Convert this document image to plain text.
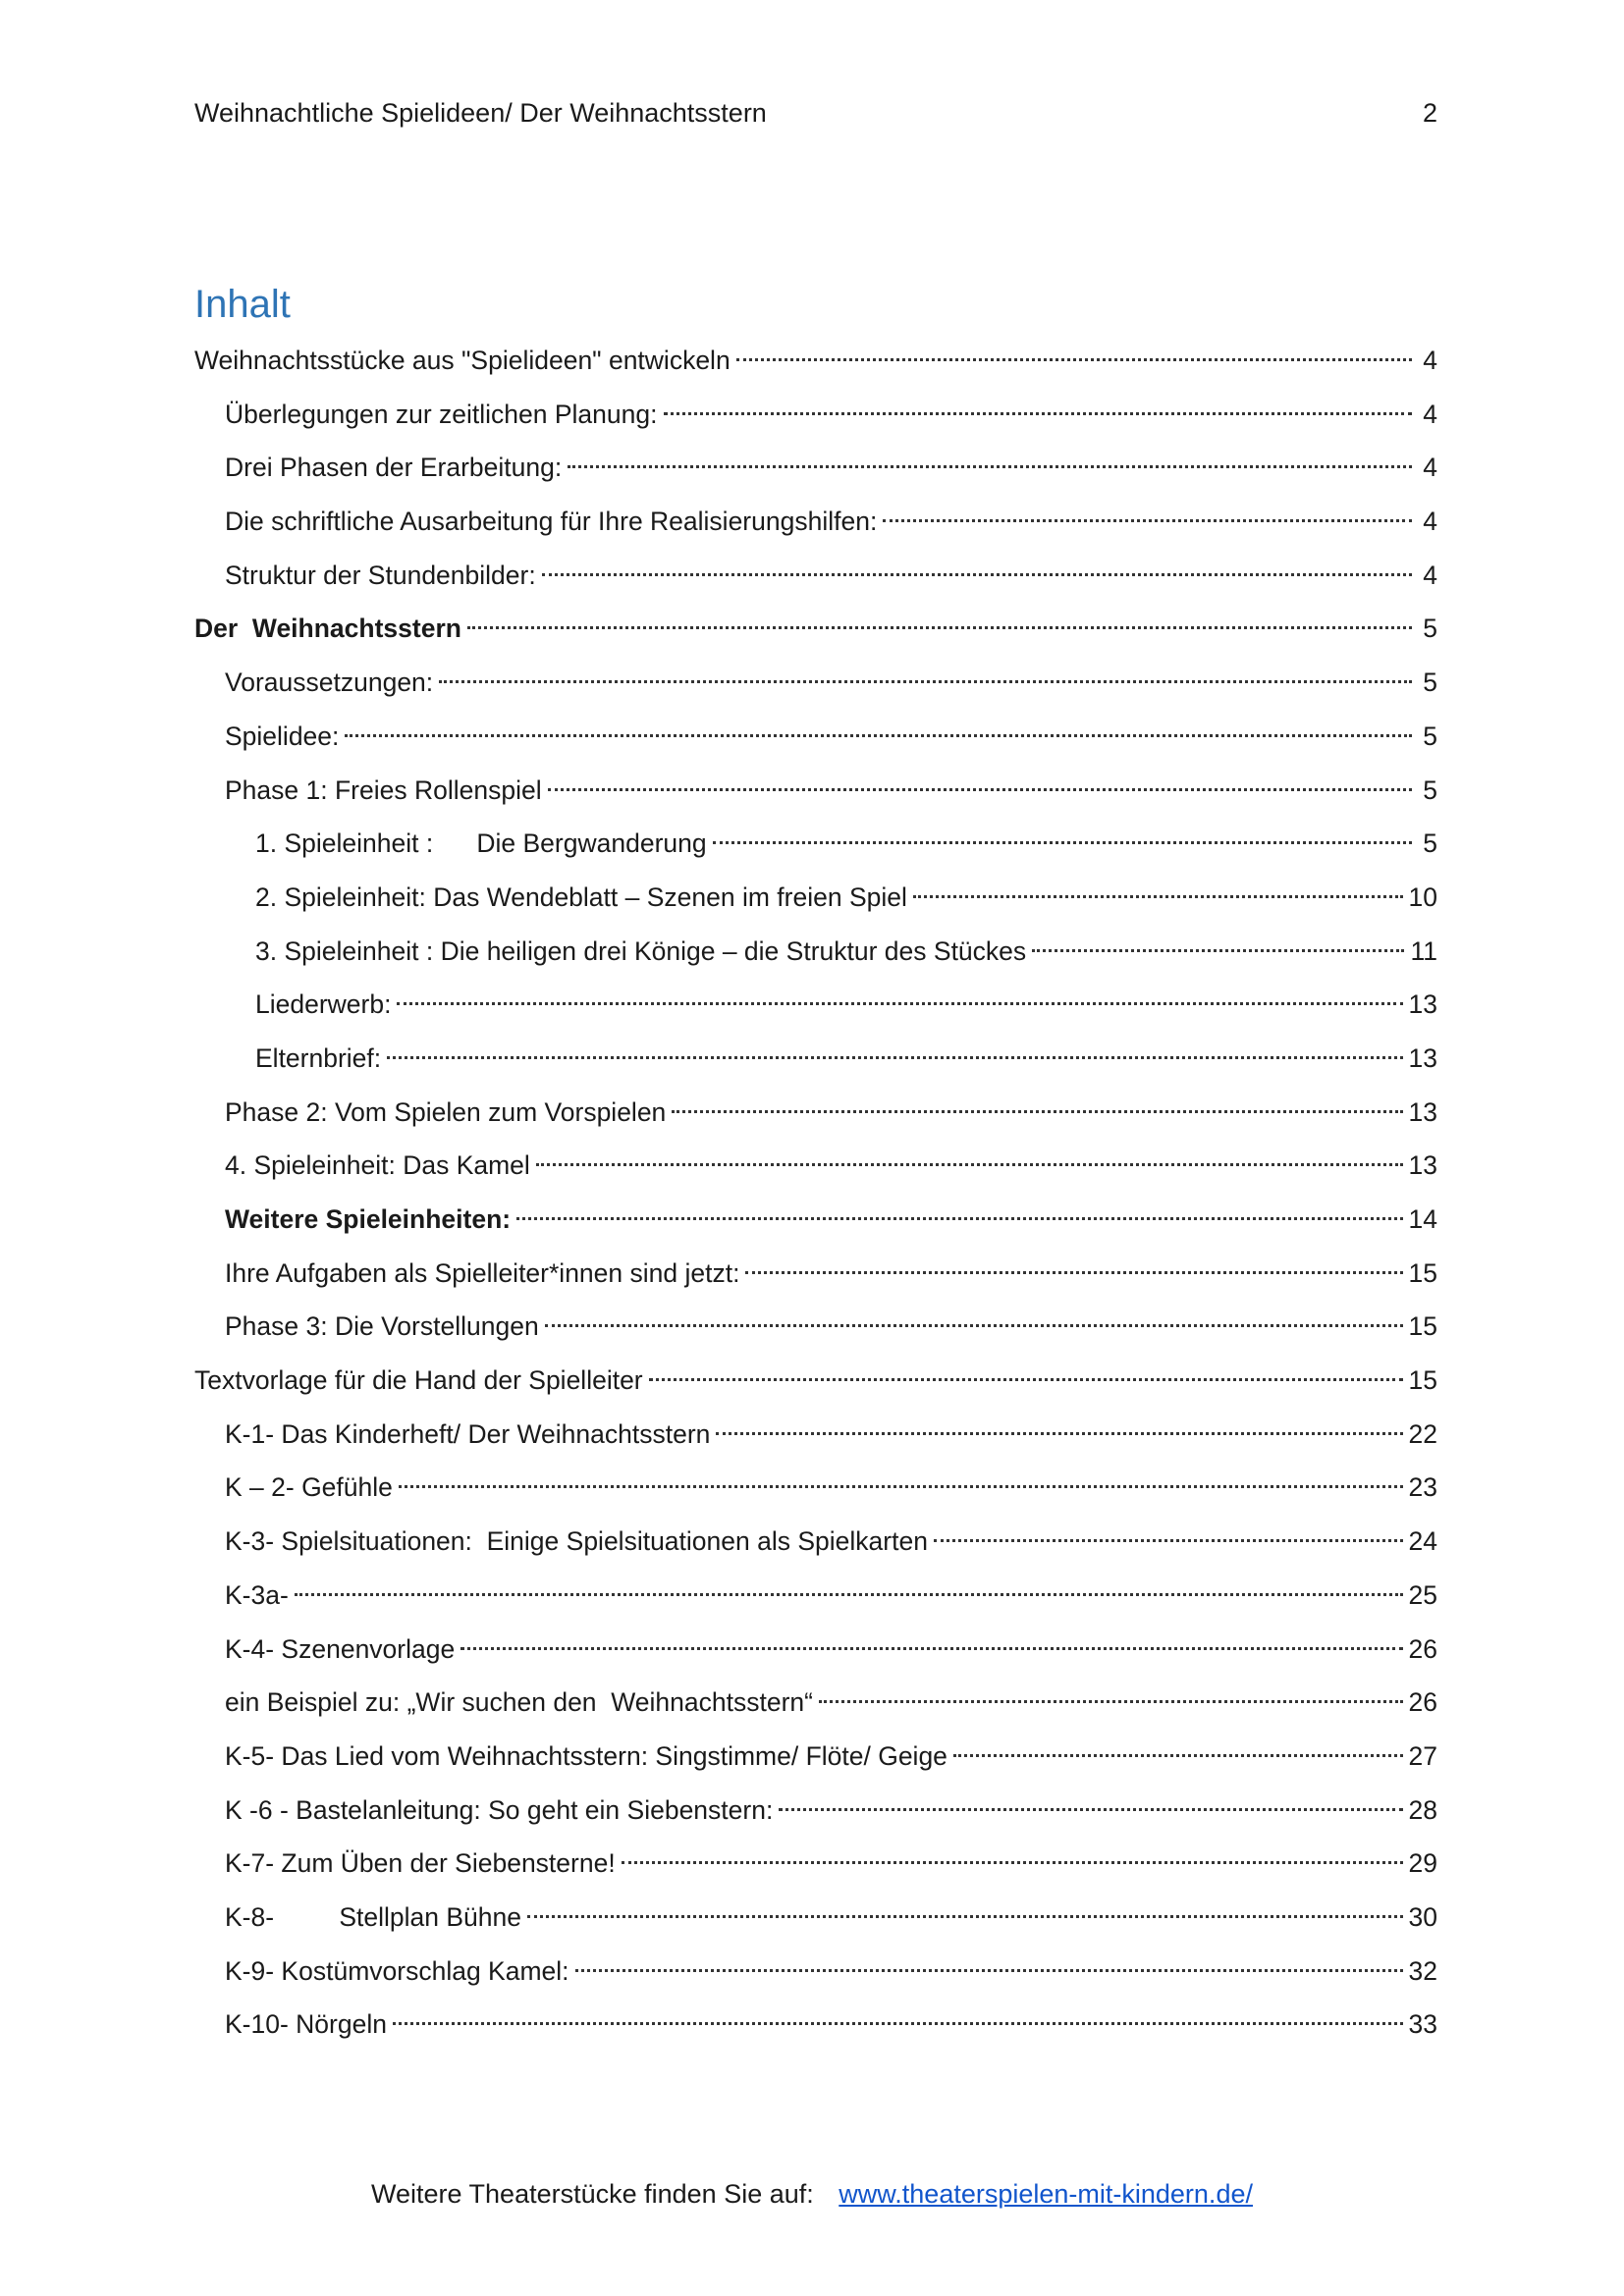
Weihnachtliche Spielideen/ Der Weihnachtsstern	2
Inhalt
Weihnachtsstücke aus "Spielideen" entwickeln	4
Überlegungen zur zeitlichen Planung:	4
Drei Phasen der Erarbeitung:	4
Die schriftliche Ausarbeitung für Ihre Realisierungshilfen:	4
Struktur der Stundenbilder:	4
Der  Weihnachtsstern	5
Voraussetzungen:	5
Spielidee:	5
Phase 1: Freies Rollenspiel	5
1. Spieleinheit :      Die Bergwanderung	5
2. Spieleinheit: Das Wendeblatt – Szenen im freien Spiel	10
3. Spieleinheit : Die heiligen drei Könige – die Struktur des Stückes	11
Liederwerb:	13
Elternbrief:	13
Phase 2: Vom Spielen zum Vorspielen	13
4. Spieleinheit: Das Kamel	13
Weitere Spieleinheiten:	14
Ihre Aufgaben als Spielleiter*innen sind jetzt:	15
Phase 3: Die Vorstellungen	15
Textvorlage für die Hand der Spielleiter	15
K-1- Das Kinderheft/ Der Weihnachtsstern	22
K – 2- Gefühle	23
K-3- Spielsituationen:  Einige Spielsituationen als Spielkarten	24
K-3a-	25
K-4- Szenenvorlage	26
ein Beispiel zu: „Wir suchen den  Weihnachtsstern“	26
K-5- Das Lied vom Weihnachtsstern: Singstimme/ Flöte/ Geige	27
K -6 - Bastelanleitung: So geht ein Siebenstern:	28
K-7- Zum Üben der Siebensterne!	29
K-8-         Stellplan Bühne	30
K-9- Kostümvorschlag Kamel:	32
K-10- Nörgeln	33
Weitere Theaterstücke finden Sie auf: www.theaterspielen-mit-kindern.de/
